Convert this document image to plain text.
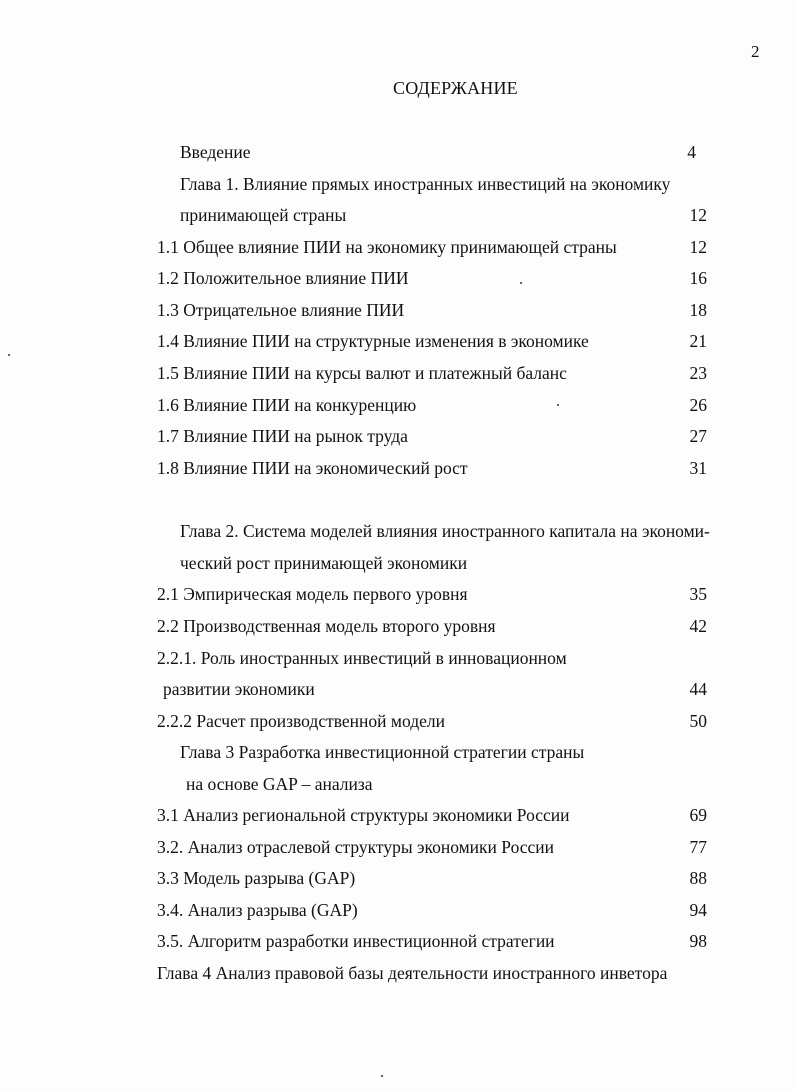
2
СОДЕРЖАНИЕ
Введение	4
Глава 1. Влияние прямых иностранных инвестиций на экономику
принимающей страны	12
1.1 Общее влияние ПИИ на экономику принимающей страны	12
1.2 Положительное влияние ПИИ	16
1.3 Отрицательное влияние ПИИ	18
1.4 Влияние ПИИ на структурные изменения в экономике	21
1.5 Влияние ПИИ на курсы валют и платежный баланс	23
1.6 Влияние ПИИ на конкуренцию	26
1.7 Влияние ПИИ на рынок труда	27
1.8 Влияние ПИИ на экономический рост	31
Глава 2. Система моделей влияния иностранного капитала на экономи-
ческий рост принимающей экономики
2.1 Эмпирическая модель первого уровня	35
2.2 Производственная модель второго уровня	42
2.2.1. Роль иностранных инвестиций в инновационном
развитии экономики	44
2.2.2 Расчет производственной модели	50
Глава 3 Разработка инвестиционной стратегии страны
на основе GAP – анализа
3.1 Анализ региональной структуры экономики России	69
3.2. Анализ отраслевой структуры экономики России	77
3.3 Модель разрыва (GAP)	88
3.4. Анализ разрыва (GAP)	94
3.5. Алгоритм разработки инвестиционной стратегии	98
Глава 4 Анализ правовой базы деятельности иностранного инветора
